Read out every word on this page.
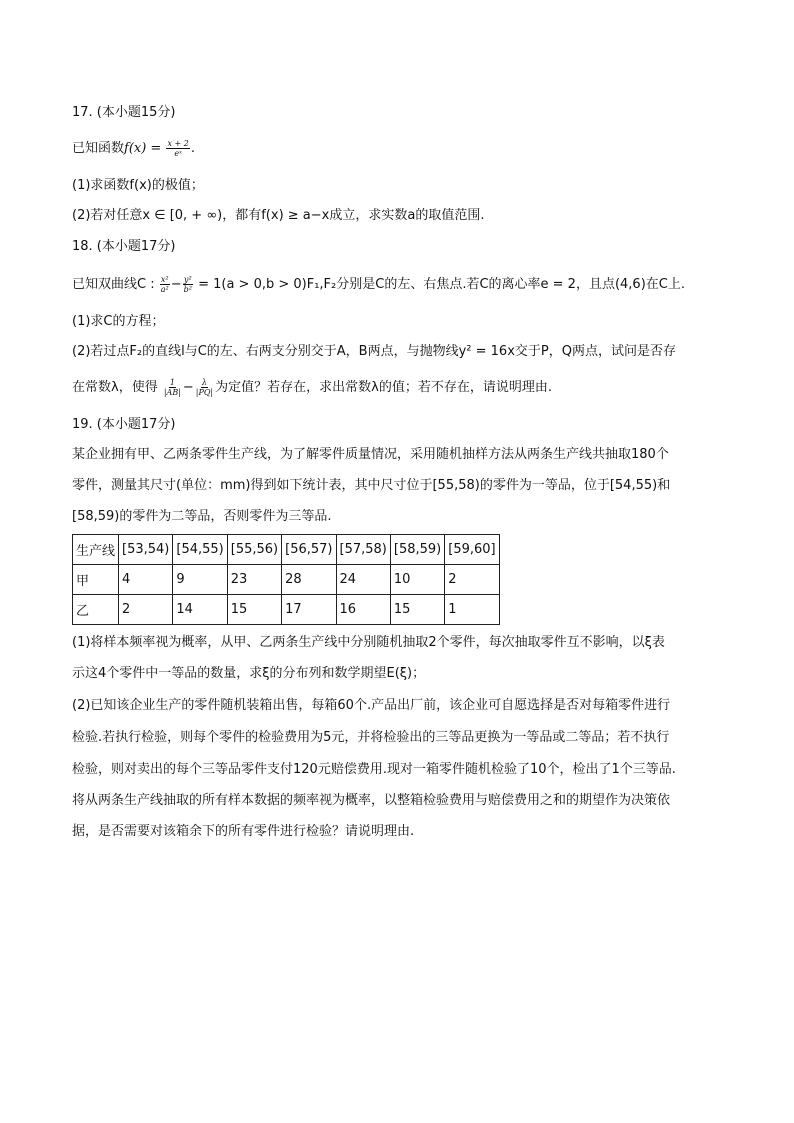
17. (本小题15分)
已知函数$f(x) = \frac{x + 2}{\text{eˣ}}$ .
(1)求函数f(x)的极值；
(2)若对任意x ∈ [0, + ∞)，都有f(x) ≥ a−x成立，求实数a的取值范围.
18. (本小题17分)
已知双曲线C : $\frac{\text{x²}}{\text{a²}} - \frac{\text{y²}}{\text{b²}} = 1(a > 0,b > 0)F_1,F_2$分别是C的左、右焦点.若C的离心率e = 2，且点(4,6)在C上.
(1)求C的方程；
(2)若过点F₂的直线l与C的左、右两支分别交于A，B两点，与抛物线y² = 16x交于P，Q两点，试问是否存
在常数λ，使得 $\frac{1}{|AB|} - \frac{\lambda}{|PQ|}$ 为定值？若存在，求出常数λ的值；若不存在，请说明理由.
19. (本小题17分)
某企业拥有甲、乙两条零件生产线，为了解零件质量情况，采用随机抽样方法从两条生产线共抽取180个
零件，测量其尺寸(单位：mm)得到如下统计表，其中尺寸位于[55,58)的零件为一等品，位于[54,55)和
[58,59)的零件为二等品，否则零件为三等品.
生产线	[53,54)	[54,55)	[55,56)	[56,57)	[57,58)	[58,59)	[59,60]
甲	4	9	23	28	24	10	2
乙	2	14	15	17	16	15	1
(1)将样本频率视为概率，从甲、乙两条生产线中分别随机抽取2个零件，每次抽取零件互不影响，以ξ表
示这4个零件中一等品的数量，求ξ的分布列和数学期望E(ξ)；
(2)已知该企业生产的零件随机装箱出售，每箱60个.产品出厂前，该企业可自愿选择是否对每箱零件进行
检验.若执行检验，则每个零件的检验费用为5元，并将检验出的三等品更换为一等品或二等品；若不执行
检验，则对卖出的每个三等品零件支付120元赔偿费用.现对一箱零件随机检验了10个，检出了1个三等品.
将从两条生产线抽取的所有样本数据的频率视为概率，以整箱检验费用与赔偿费用之和的期望作为决策依
据，是否需要对该箱余下的所有零件进行检验？请说明理由.
